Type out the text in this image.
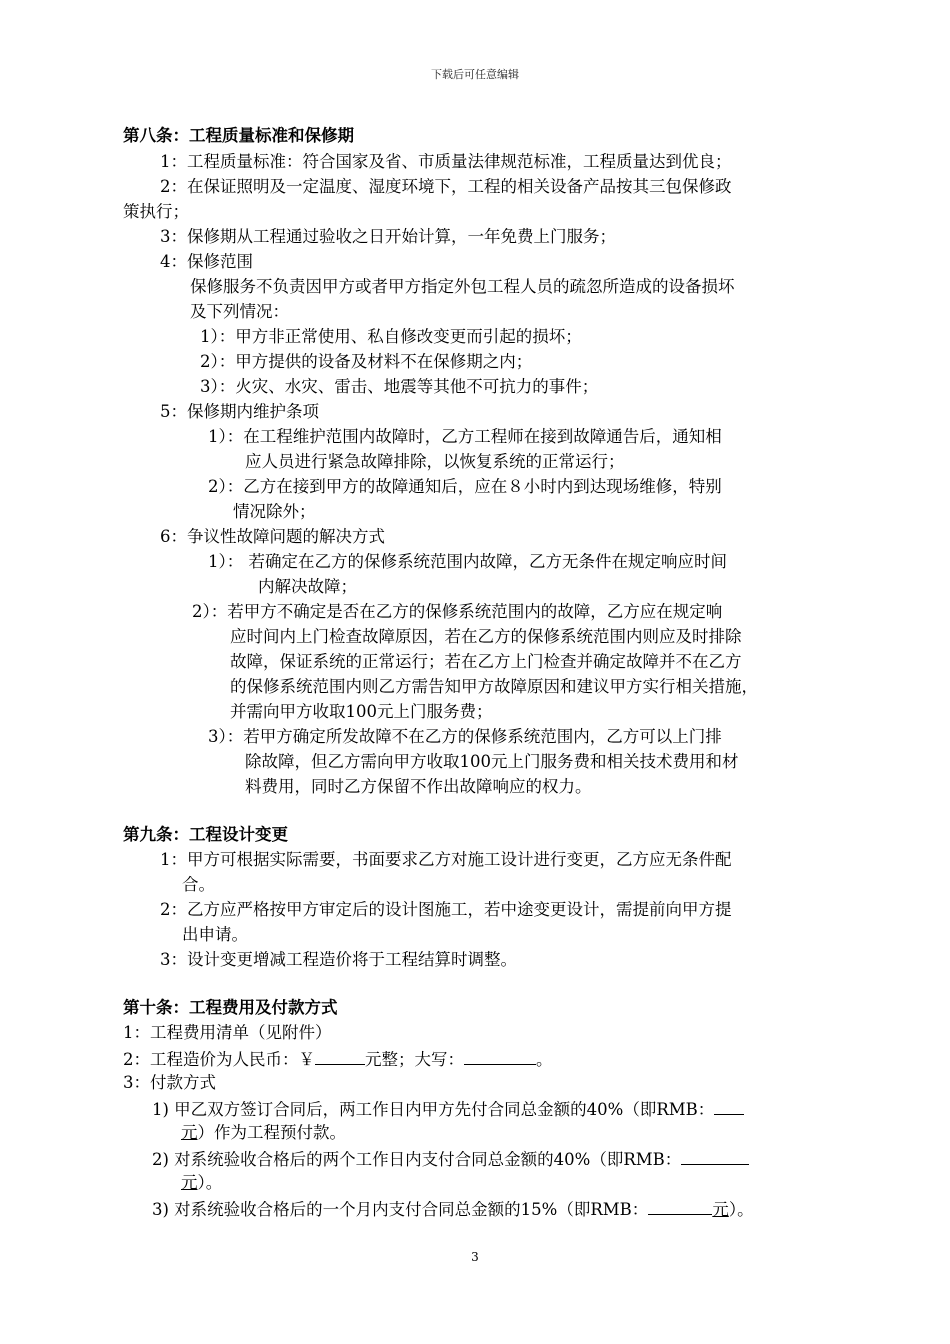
下载后可任意编辑
第八条：工程质量标准和保修期
1：工程质量标准：符合国家及省、市质量法律规范标准，工程质量达到优良；
2：在保证照明及一定温度、湿度环境下，工程的相关设备产品按其三包保修政
策执行；
3：保修期从工程通过验收之日开始计算，一年免费上门服务；
4：保修范围
保修服务不负责因甲方或者甲方指定外包工程人员的疏忽所造成的设备损坏
及下列情况：
1）：甲方非正常使用、私自修改变更而引起的损坏；
2）：甲方提供的设备及材料不在保修期之内；
3）：火灾、水灾、雷击、地震等其他不可抗力的事件；
5：保修期内维护条项
1）：在工程维护范围内故障时，乙方工程师在接到故障通告后，通知相
应人员进行紧急故障排除，以恢复系统的正常运行；
2）：乙方在接到甲方的故障通知后，应在８小时内到达现场维修，特别
情况除外；
6：争议性故障问题的解决方式
1）： 若确定在乙方的保修系统范围内故障，乙方无条件在规定响应时间
内解决故障；
2）：若甲方不确定是否在乙方的保修系统范围内的故障，乙方应在规定响
应时间内上门检查故障原因，若在乙方的保修系统范围内则应及时排除
故障，保证系统的正常运行；若在乙方上门检查并确定故障并不在乙方
的保修系统范围内则乙方需告知甲方故障原因和建议甲方实行相关措施，
并需向甲方收取100元上门服务费；
3）：若甲方确定所发故障不在乙方的保修系统范围内，乙方可以上门排
除故障，但乙方需向甲方收取100元上门服务费和相关技术费用和材
料费用，同时乙方保留不作出故障响应的权力。
第九条：工程设计变更
1：甲方可根据实际需要，书面要求乙方对施工设计进行变更，乙方应无条件配
合。
2：乙方应严格按甲方审定后的设计图施工，若中途变更设计，需提前向甲方提
出申请。
3：设计变更增减工程造价将于工程结算时调整。
第十条：工程费用及付款方式
1：工程费用清单（见附件）
2：工程造价为人民币：￥	元整；大写：	。
3：付款方式
1) 甲乙双方签订合同后，两工作日内甲方先付合同总金额的40%（即RMB：
元）作为工程预付款。
2) 对系统验收合格后的两个工作日内支付合同总金额的40%（即RMB：
元）。
3) 对系统验收合格后的一个月内支付合同总金额的15%（即RMB：	元）。
3
